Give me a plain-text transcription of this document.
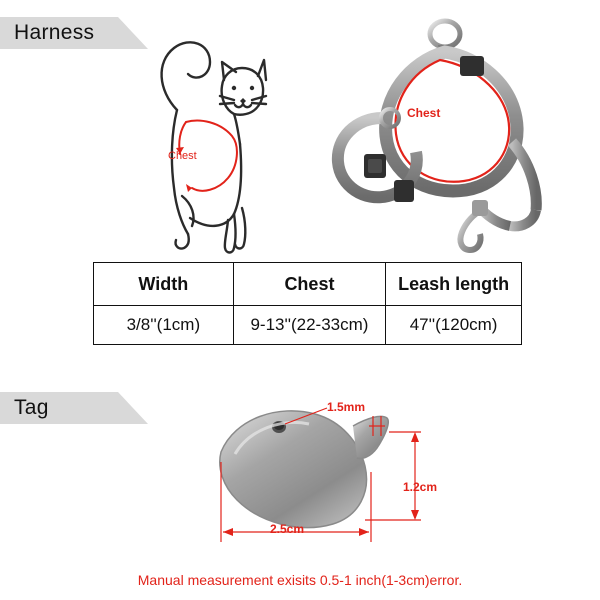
Harness
Chest
Chest
Width	Chest	Leash length
3/8''(1cm)	9-13''(22-33cm)	47''(120cm)
Tag	1.5mm
1.2cm
2.5cm
Manual measurement exisits 0.5-1 inch(1-3cm)error.
